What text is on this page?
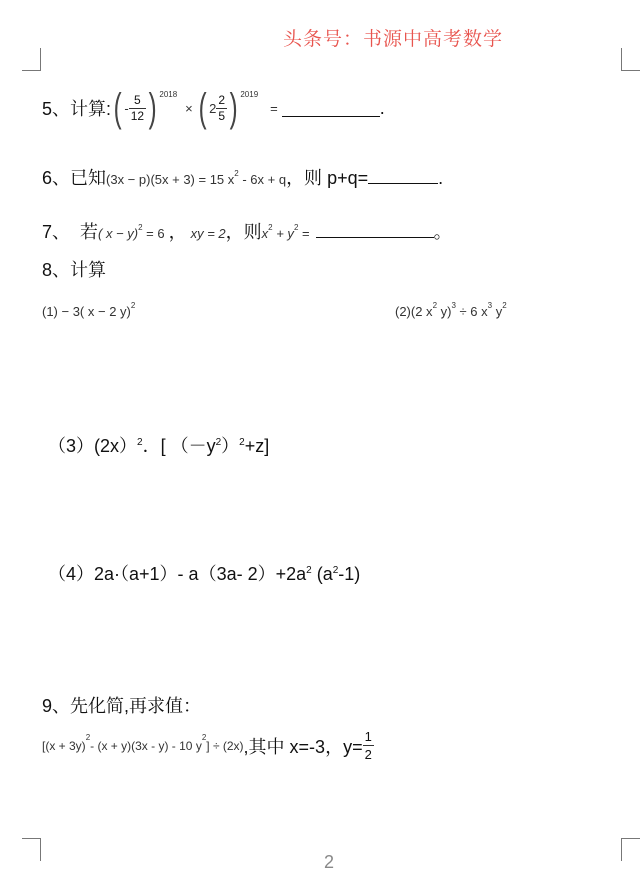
头条号：书源中高考数学
5、计算: ( - $\frac{5}{12}$ ) 2018
× ( $2 \frac{2}{5}$ ) 2019
=	.
6、已知(3x − p)(5x + 3) = 15 $x^2 - 6x + q$，则 p+q=	.
7、  若( x − y)$^2$ = 6 ， xy = 2，则$x^2 + y^2$ =	。
8、计算
(1) − 3( x − 2 y)$^2$	(2)(2 $x^2$ y)$^3$ ÷ 6 $x^3$ $y^2$
（3）(2x）$^2$．[ $(-y^2)^2+z$]
（4）2a·（a+1）- a（3a- $2)+2a^2$ $(a^2-1)$
9、先化简,再求值：
[(x + 3y)
2
- (x + y)(3x - y) - 10 y
2
] ÷ (2x) ,其中 x=-3，$y= \frac{1}{2}$
2
